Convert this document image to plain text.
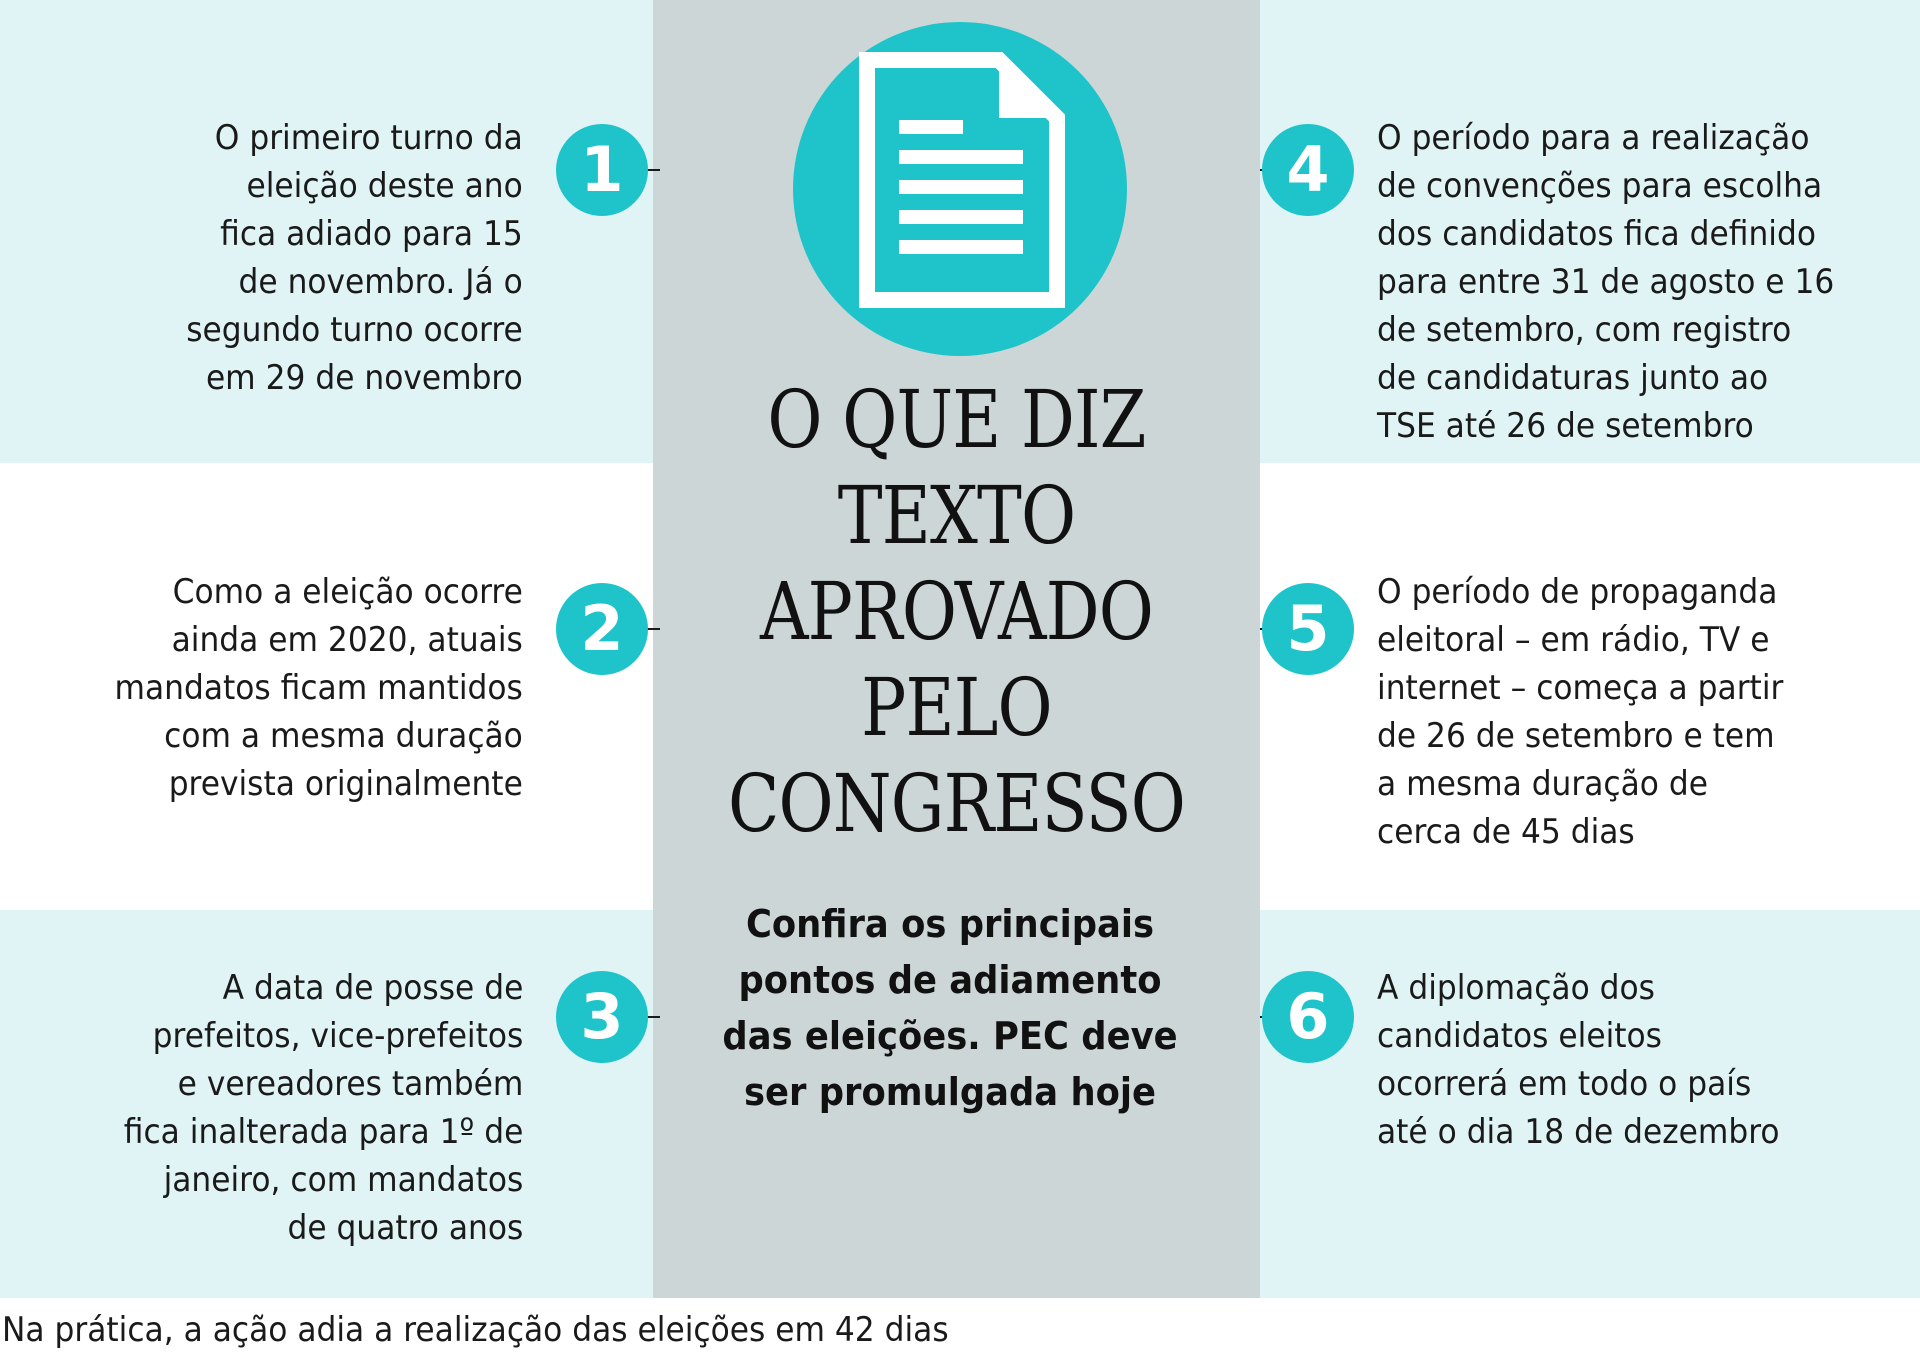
O QUE DIZ
TEXTO
APROVADO
PELO
CONGRESSO
Confira os principais
pontos de adiamento
das eleições. PEC deve
ser promulgada hoje
1
O primeiro turno da
eleição deste ano
fica adiado para 15
de novembro. Já o
segundo turno ocorre
em 29 de novembro
2
Como a eleição ocorre
ainda em 2020, atuais
mandatos ficam mantidos
com a mesma duração
prevista originalmente
3
A data de posse de
prefeitos, vice-prefeitos
e vereadores também
fica inalterada para 1º de
janeiro, com mandatos
de quatro anos
4	O período para a realização
de convenções para escolha
dos candidatos fica definido
para entre 31 de agosto e 16
de setembro, com registro
de candidaturas junto ao
TSE até 26 de setembro
5	O período de propaganda
eleitoral – em rádio, TV e
internet – começa a partir
de 26 de setembro e tem
a mesma duração de
cerca de 45 dias
6	A diplomação dos
candidatos eleitos
ocorrerá em todo o país
até o dia 18 de dezembro
Na prática, a ação adia a realização das eleições em 42 dias
